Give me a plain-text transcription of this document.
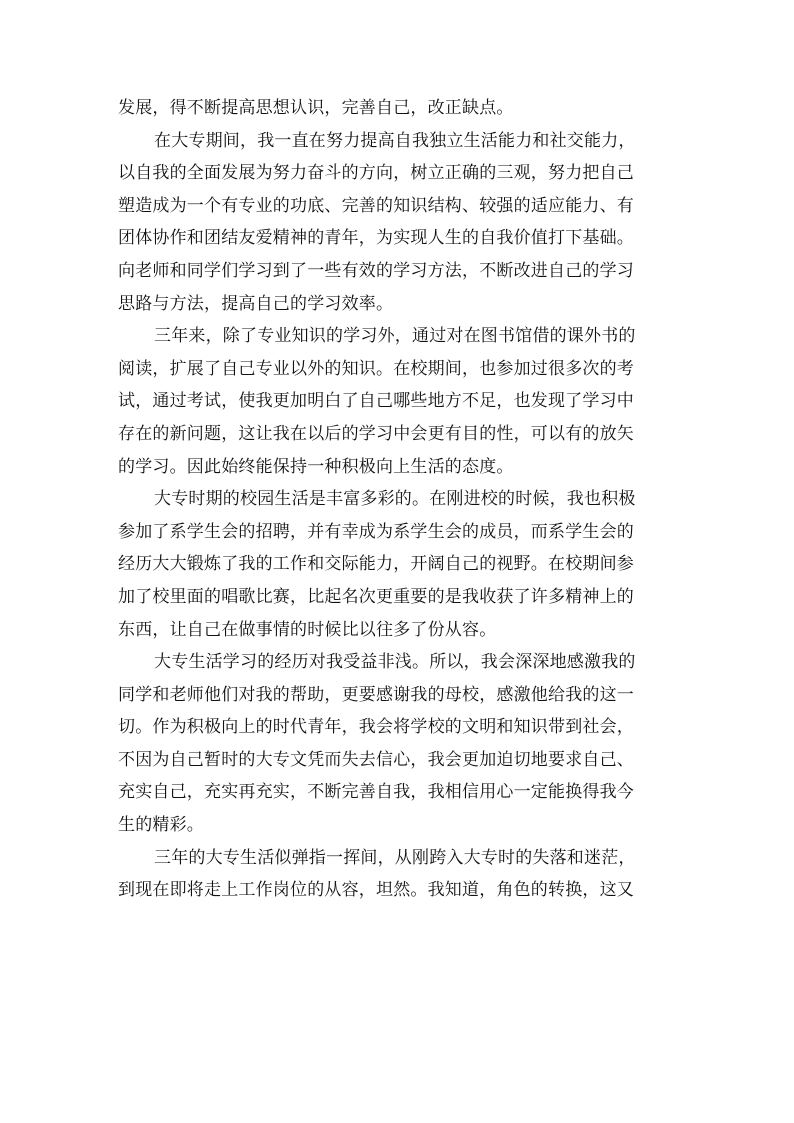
发展，得不断提高思想认识，完善自己，改正缺点。
在大专期间，我一直在努力提高自我独立生活能力和社交能力，
以自我的全面发展为努力奋斗的方向，树立正确的三观，努力把自己
塑造成为一个有专业的功底、完善的知识结构、较强的适应能力、有
团体协作和团结友爱精神的青年，为实现人生的自我价值打下基础。
向老师和同学们学习到了一些有效的学习方法，不断改进自己的学习
思路与方法，提高自己的学习效率。
三年来，除了专业知识的学习外，通过对在图书馆借的课外书的
阅读，扩展了自己专业以外的知识。在校期间，也参加过很多次的考
试，通过考试，使我更加明白了自己哪些地方不足，也发现了学习中
存在的新问题，这让我在以后的学习中会更有目的性，可以有的放矢
的学习。因此始终能保持一种积极向上生活的态度。
大专时期的校园生活是丰富多彩的。在刚进校的时候，我也积极
参加了系学生会的招聘，并有幸成为系学生会的成员，而系学生会的
经历大大锻炼了我的工作和交际能力，开阔自己的视野。在校期间参
加了校里面的唱歌比赛，比起名次更重要的是我收获了许多精神上的
东西，让自己在做事情的时候比以往多了份从容。
大专生活学习的经历对我受益非浅。所以，我会深深地感激我的
同学和老师他们对我的帮助，更要感谢我的母校，感激他给我的这一
切。作为积极向上的时代青年，我会将学校的文明和知识带到社会，
不因为自己暂时的大专文凭而失去信心，我会更加迫切地要求自己、
充实自己，充实再充实，不断完善自我，我相信用心一定能换得我今
生的精彩。
三年的大专生活似弹指一挥间，从刚跨入大专时的失落和迷茫，
到现在即将走上工作岗位的从容，坦然。我知道，角色的转换，这又
